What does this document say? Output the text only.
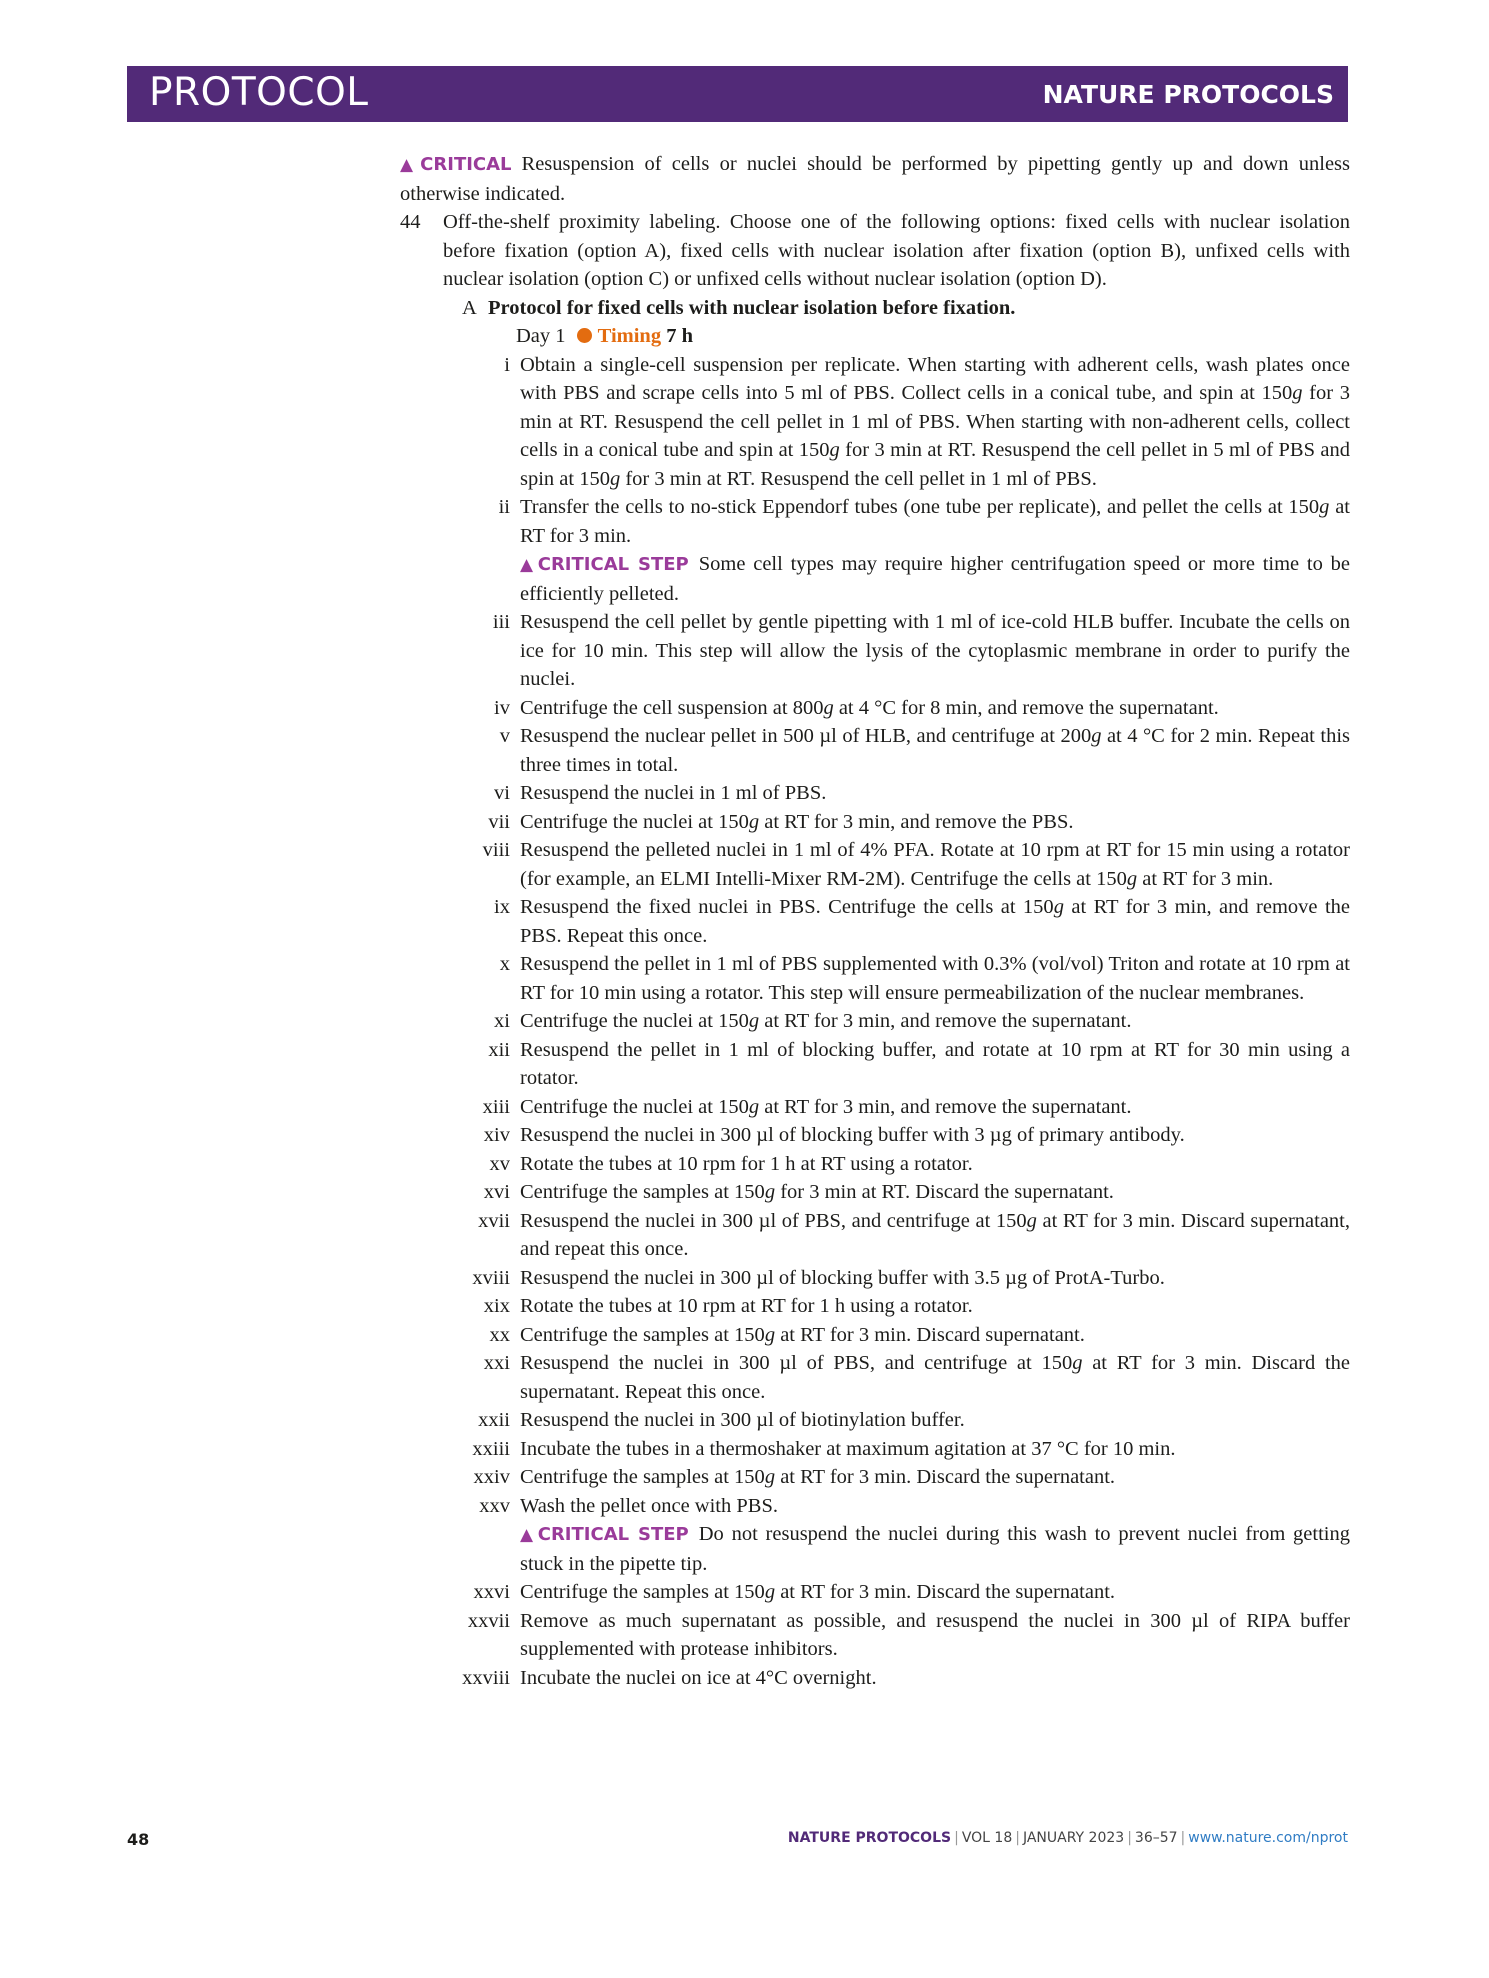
PROTOCOL	NATURE PROTOCOLS

▲ CRITICAL Resuspension of cells or nuclei should be performed by pipetting gently up and down unless otherwise indicated.

44 Off-the-shelf proximity labeling. Choose one of the following options: fixed cells with nuclear isolation before fixation (option A), fixed cells with nuclear isolation after fixation (option B), unfixed cells with nuclear isolation (option C) or unfixed cells without nuclear isolation (option D).
A Protocol for fixed cells with nuclear isolation before fixation.
Day 1 Timing 7 h
i Obtain a single-cell suspension per replicate. When starting with adherent cells, wash plates once with PBS and scrape cells into 5 ml of PBS. Collect cells in a conical tube, and spin at 150g for 3 min at RT. Resuspend the cell pellet in 1 ml of PBS. When starting with non-adherent cells, collect cells in a conical tube and spin at 150g for 3 min at RT. Resuspend the cell pellet in 5 ml of PBS and spin at 150g for 3 min at RT. Resuspend the cell pellet in 1 ml of PBS.
ii Transfer the cells to no-stick Eppendorf tubes (one tube per replicate), and pellet the cells at 150g at RT for 3 min.
▲ CRITICAL STEP Some cell types may require higher centrifugation speed or more time to be efficiently pelleted.
iii Resuspend the cell pellet by gentle pipetting with 1 ml of ice-cold HLB buffer. Incubate the cells on ice for 10 min. This step will allow the lysis of the cytoplasmic membrane in order to purify the nuclei.
iv Centrifuge the cell suspension at 800g at 4 °C for 8 min, and remove the supernatant.
v Resuspend the nuclear pellet in 500 µl of HLB, and centrifuge at 200g at 4 °C for 2 min. Repeat this three times in total.
vi Resuspend the nuclei in 1 ml of PBS.
vii Centrifuge the nuclei at 150g at RT for 3 min, and remove the PBS.
viii Resuspend the pelleted nuclei in 1 ml of 4% PFA. Rotate at 10 rpm at RT for 15 min using a rotator (for example, an ELMI Intelli-Mixer RM-2M). Centrifuge the cells at 150g at RT for 3 min.
ix Resuspend the fixed nuclei in PBS. Centrifuge the cells at 150g at RT for 3 min, and remove the PBS. Repeat this once.
x Resuspend the pellet in 1 ml of PBS supplemented with 0.3% (vol/vol) Triton and rotate at 10 rpm at RT for 10 min using a rotator. This step will ensure permeabilization of the nuclear membranes.
xi Centrifuge the nuclei at 150g at RT for 3 min, and remove the supernatant.
xii Resuspend the pellet in 1 ml of blocking buffer, and rotate at 10 rpm at RT for 30 min using a rotator.
xiii Centrifuge the nuclei at 150g at RT for 3 min, and remove the supernatant.
xiv Resuspend the nuclei in 300 µl of blocking buffer with 3 µg of primary antibody.
xv Rotate the tubes at 10 rpm for 1 h at RT using a rotator.
xvi Centrifuge the samples at 150g for 3 min at RT. Discard the supernatant.
xvii Resuspend the nuclei in 300 µl of PBS, and centrifuge at 150g at RT for 3 min. Discard supernatant, and repeat this once.
xviii Resuspend the nuclei in 300 µl of blocking buffer with 3.5 µg of ProtA-Turbo.
xix Rotate the tubes at 10 rpm at RT for 1 h using a rotator.
xx Centrifuge the samples at 150g at RT for 3 min. Discard supernatant.
xxi Resuspend the nuclei in 300 µl of PBS, and centrifuge at 150g at RT for 3 min. Discard the supernatant. Repeat this once.
xxii Resuspend the nuclei in 300 µl of biotinylation buffer.
xxiii Incubate the tubes in a thermoshaker at maximum agitation at 37 °C for 10 min.
xxiv Centrifuge the samples at 150g at RT for 3 min. Discard the supernatant.
xxv Wash the pellet once with PBS.
▲ CRITICAL STEP Do not resuspend the nuclei during this wash to prevent nuclei from getting stuck in the pipette tip.
xxvi Centrifuge the samples at 150g at RT for 3 min. Discard the supernatant.
xxvii Remove as much supernatant as possible, and resuspend the nuclei in 300 µl of RIPA buffer supplemented with protease inhibitors.
xxviii Incubate the nuclei on ice at 4°C overnight.
48	NATURE PROTOCOLS | VOL 18 | JANUARY 2023 | 36–57 | www.nature.com/nprot
